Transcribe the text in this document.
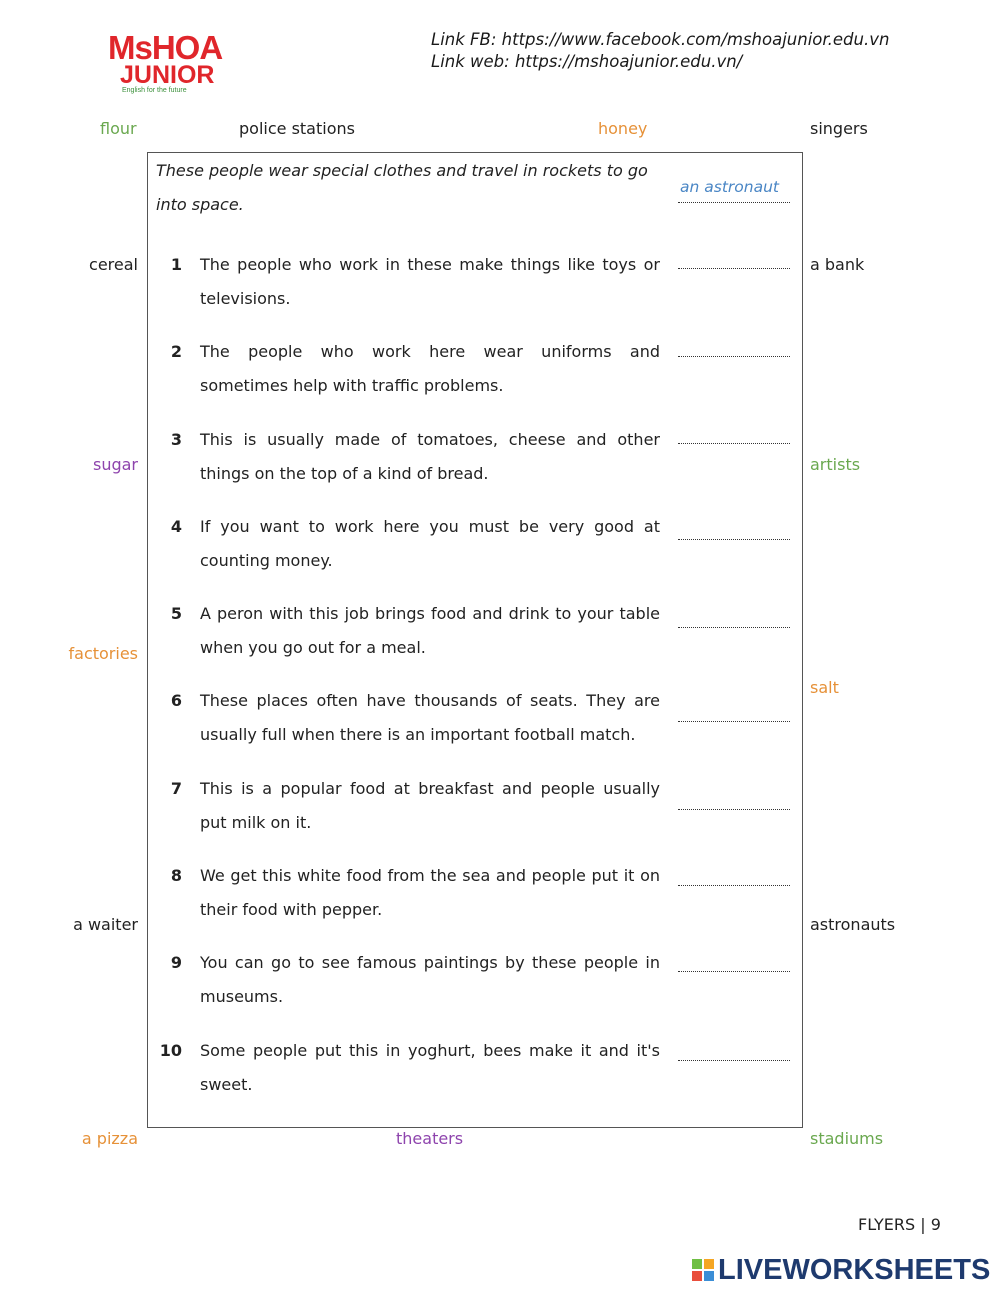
MsHOA
JUNIOR
English for the future
Link FB: https://www.facebook.com/mshoajunior.edu.vn
Link web: https://mshoajunior.edu.vn/
flour	police stations	honey	singers
cereal	a bank
sugar	artists
factories
salt
a waiter	astronauts
a pizza	theaters	stadiums
These people wear special clothes and travel in rockets to go into space.
an astronaut
1 The people who work in these make things like toys or televisions.
2 The people who work here wear uniforms and sometimes help with traffic problems.
3 This is usually made of tomatoes, cheese and other things on the top of a kind of bread.
4 If you want to work here you must be very good at counting money.
5 A peron with this job brings food and drink to your table when you go out for a meal.
6 These places often have thousands of seats. They are usually full when there is an important football match.
7 This is a popular food at breakfast and people usually put milk on it.
8 We get this white food from the sea and people put it on their food with pepper.
9 You can go to see famous paintings by these people in museums.
10 Some people put this in yoghurt, bees make it and it's sweet.
FLYERS | 9
LIVEWORKSHEETS
